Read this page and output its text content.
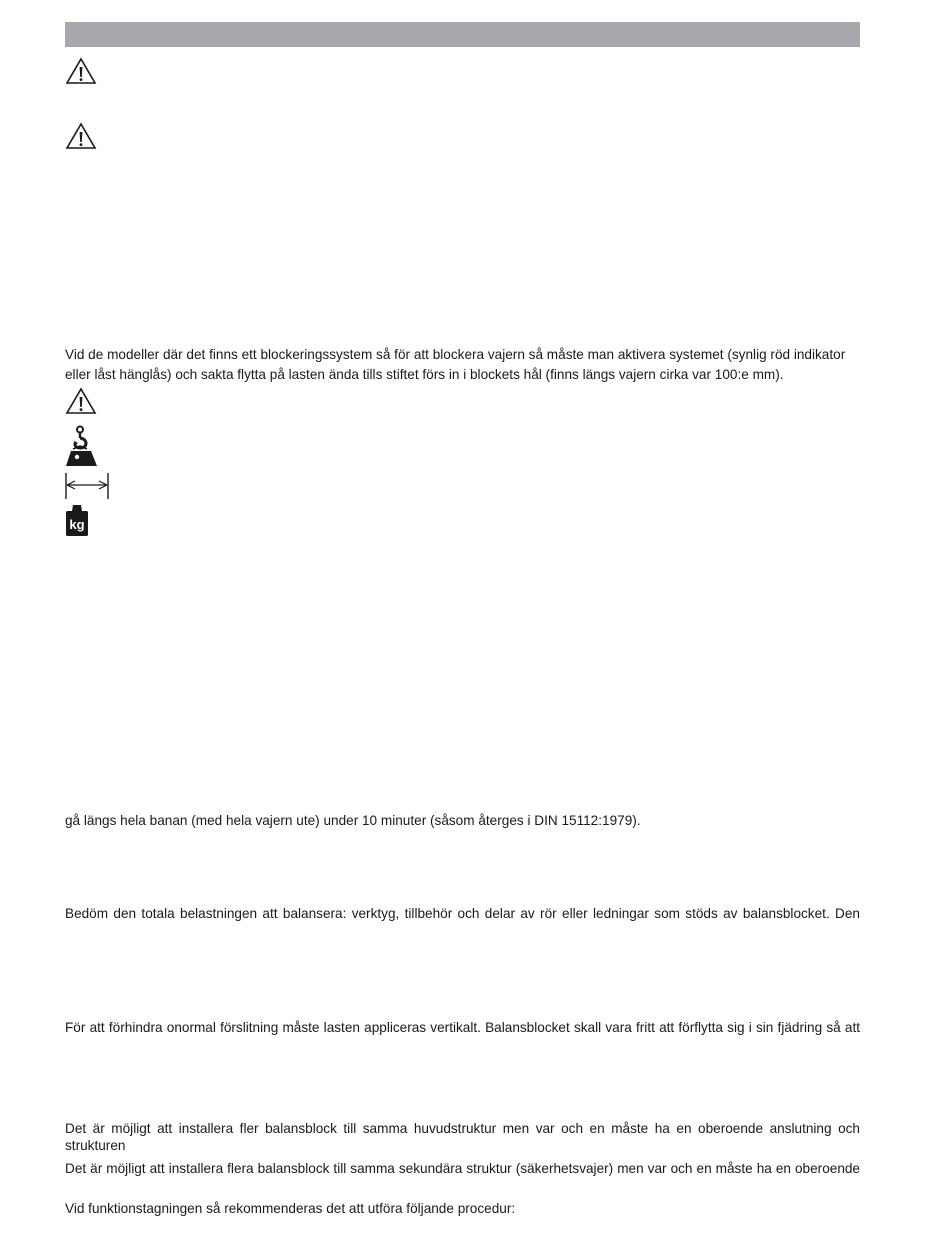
Vid de modeller där det finns ett blockeringssystem så för att blockera vajern så måste man aktivera systemet (synlig röd indikator

eller låst hänglås) och sakta flytta på lasten ända tills stiftet förs in i blockets hål (finns längs vajern cirka var 100:e mm).

kg

gå längs hela banan (med hela vajern ute) under 10 minuter (såsom återges i DIN 15112:1979).

Bedöm den totala belastningen att balansera: verktyg, tillbehör och delar av rör eller ledningar som stöds av balansblocket. Den
För att förhindra onormal förslitning måste lasten appliceras vertikalt. Balansblocket skall vara fritt att förflytta sig i sin fjädring så att
Det är möjligt att installera fler balansblock till samma huvudstruktur men var och en måste ha en oberoende anslutning och strukturen
Det är möjligt att installera flera balansblock till samma sekundära struktur (säkerhetsvajer) men var och en måste ha en oberoende

Vid funktionstagningen så rekommenderas det att utföra följande procedur:
